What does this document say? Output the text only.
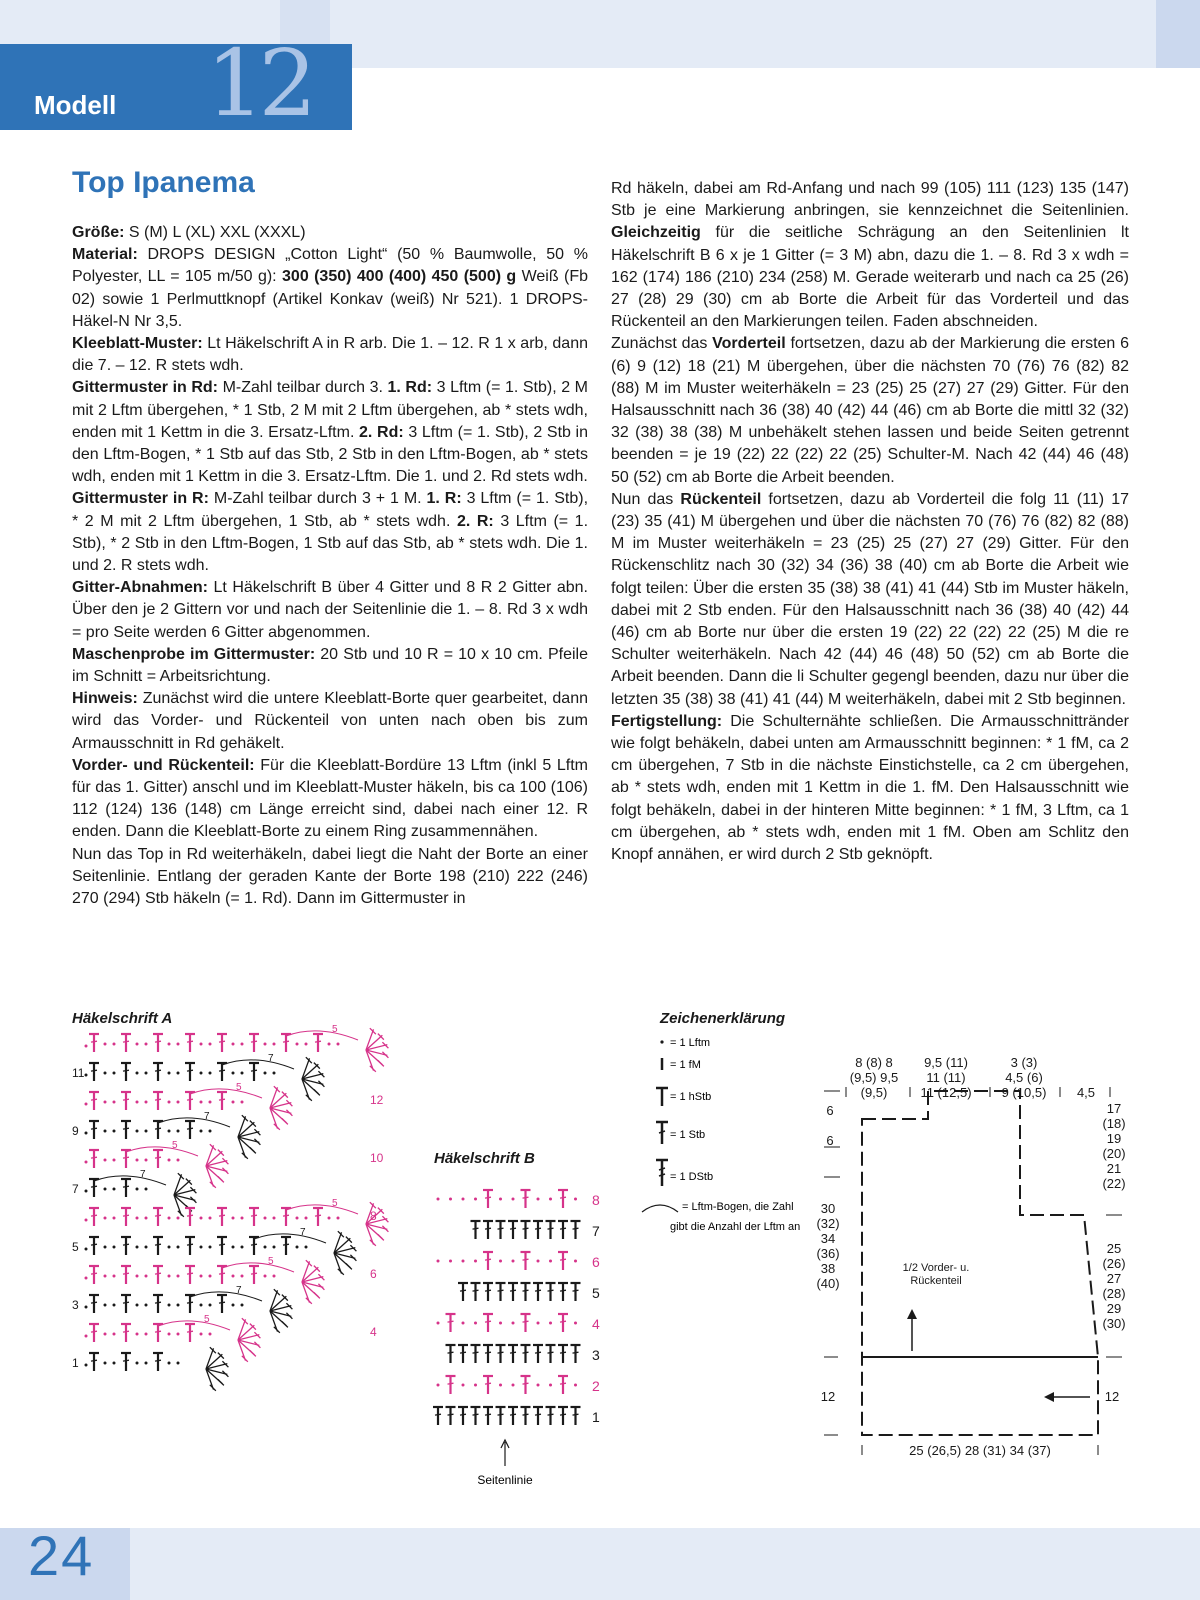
12
Modell
Top Ipanema

Größe: S (M) L (XL) XXL (XXXL)

Material: DROPS DESIGN „Cotton Light“ (50 % Baumwolle, 50 % Polyester, LL = 105 m/50 g): 300 (350) 400 (400) 450 (500) g Weiß (Fb 02) sowie 1 Perlmuttknopf (Artikel Konkav (weiß) Nr 521). 1 DROPS-Häkel-N Nr 3,5.

Kleeblatt-Muster: Lt Häkelschrift A in R arb. Die 1. – 12. R 1 x arb, dann die 7. – 12. R stets wdh.

Gittermuster in Rd: M-Zahl teilbar durch 3. 1. Rd: 3 Lftm (= 1. Stb), 2 M mit 2 Lftm übergehen, * 1 Stb, 2 M mit 2 Lftm übergehen, ab * stets wdh, enden mit 1 Kettm in die 3. Ersatz-Lftm. 2. Rd: 3 Lftm (= 1. Stb), 2 Stb in den Lftm-Bogen, * 1 Stb auf das Stb, 2 Stb in den Lftm-Bogen, ab * stets wdh, enden mit 1 Kettm in die 3. Ersatz-Lftm. Die 1. und 2. Rd stets wdh.

Gittermuster in R: M-Zahl teilbar durch 3 + 1 M. 1. R: 3 Lftm (= 1. Stb), * 2 M mit 2 Lftm übergehen, 1 Stb, ab * stets wdh. 2. R: 3 Lftm (= 1. Stb), * 2 Stb in den Lftm-Bogen, 1 Stb auf das Stb, ab * stets wdh. Die 1. und 2. R stets wdh.

Gitter-Abnahmen: Lt Häkelschrift B über 4 Gitter und 8 R 2 Gitter abn. Über den je 2 Gittern vor und nach der Seitenlinie die 1. – 8. Rd 3 x wdh = pro Seite werden 6 Gitter abgenommen.

Maschenprobe im Gittermuster: 20 Stb und 10 R = 10 x 10 cm. Pfeile im Schnitt = Arbeitsrichtung.

Hinweis: Zunächst wird die untere Kleeblatt-Borte quer gearbeitet, dann wird das Vorder- und Rückenteil von unten nach oben bis zum Armausschnitt in Rd gehäkelt.

Vorder- und Rückenteil: Für die Kleeblatt-Bordüre 13 Lftm (inkl 5 Lftm für das 1. Gitter) anschl und im Kleeblatt-Muster häkeln, bis ca 100 (106) 112 (124) 136 (148) cm Länge erreicht sind, dabei nach einer 12. R enden. Dann die Kleeblatt-Borte zu einem Ring zusammennähen.

Nun das Top in Rd weiterhäkeln, dabei liegt die Naht der Borte an einer Seitenlinie. Entlang der geraden Kante der Borte 198 (210) 222 (246) 270 (294) Stb häkeln (= 1. Rd). Dann im Gittermuster in

Rd häkeln, dabei am Rd-Anfang und nach 99 (105) 111 (123) 135 (147) Stb je eine Markierung anbringen, sie kennzeichnet die Seitenlinien. Gleichzeitig für die seitliche Schrägung an den Seitenlinien lt Häkelschrift B 6 x je 1 Gitter (= 3 M) abn, dazu die 1. – 8. Rd 3 x wdh = 162 (174) 186 (210) 234 (258) M. Gerade weiterarb und nach ca 25 (26) 27 (28) 29 (30) cm ab Borte die Arbeit für das Vorderteil und das Rückenteil an den Markierungen teilen. Faden abschneiden.

Zunächst das Vorderteil fortsetzen, dazu ab der Markierung die ersten 6 (6) 9 (12) 18 (21) M übergehen, über die nächsten 70 (76) 76 (82) 82 (88) M im Muster weiterhäkeln = 23 (25) 25 (27) 27 (29) Gitter. Für den Halsausschnitt nach 36 (38) 40 (42) 44 (46) cm ab Borte die mittl 32 (32) 32 (38) 38 (38) M unbehäkelt stehen lassen und beide Seiten getrennt beenden = je 19 (22) 22 (22) 22 (25) Schulter-M. Nach 42 (44) 46 (48) 50 (52) cm ab Borte die Arbeit beenden.

Nun das Rückenteil fortsetzen, dazu ab Vorderteil die folg 11 (11) 17 (23) 35 (41) M übergehen und über die nächsten 70 (76) 76 (82) 82 (88) M im Muster weiterhäkeln = 23 (25) 25 (27) 27 (29) Gitter. Für den Rückenschlitz nach 30 (32) 34 (36) 38 (40) cm ab Borte die Arbeit wie folgt teilen: Über die ersten 35 (38) 38 (41) 41 (44) Stb im Muster häkeln, dabei mit 2 Stb enden. Für den Halsausschnitt nach 36 (38) 40 (42) 44 (46) cm ab Borte nur über die ersten 19 (22) 22 (22) 22 (25) M die re Schulter weiterhäkeln. Nach 42 (44) 46 (48) 50 (52) cm ab Borte die Arbeit beenden. Dann die li Schulter gegengl beenden, dazu nur über die letzten 35 (38) 38 (41) 41 (44) M weiterhäkeln, dabei mit 2 Stb beginnen.

Fertigstellung: Die Schulternähte schließen. Die Armausschnittränder wie folgt behäkeln, dabei unten am Armausschnitt beginnen: * 1 fM, ca 2 cm übergehen, 7 Stb in die nächste Einstichstelle, ca 2 cm übergehen, ab * stets wdh, enden mit 1 Kettm in die 1. fM. Den Halsausschnitt wie folgt behäkeln, dabei in der hinteren Mitte beginnen: * 1 fM, 3 Lftm, ca 1 cm übergehen, ab * stets wdh, enden mit 1 fM. Oben am Schlitz den Knopf annähen, er wird durch 2 Stb geknöpft.

Häkelschrift A
5
7
5
7
5
7
5
7
5
7
5
11
9
7
5
3
1
12
10
8
6
4
Häkelschrift B
8
7
6
5
4
3
2
1
Seitenlinie
Zeichenerklärung
= 1 Lftm
= 1 fM
= 1 hStb
= 1 Stb
= 1 DStb
= Lftm-Bogen, die Zahl
gibt die Anzahl der Lftm an
8 (8) 8
(9,5) 9,5
(9,5)
9,5 (11)
11 (11)
11 (12,5)
3 (3)
4,5 (6)
9 (10,5) 4,5
6
6
30
(32)
34
(36)
38
(40)
12
17
(18)
19
(20)
21
(22)
25
(26)
27
(28)
29
(30)
12
1/2 Vorder- u.
Rückenteil
25 (26,5) 28 (31) 34 (37)
24
